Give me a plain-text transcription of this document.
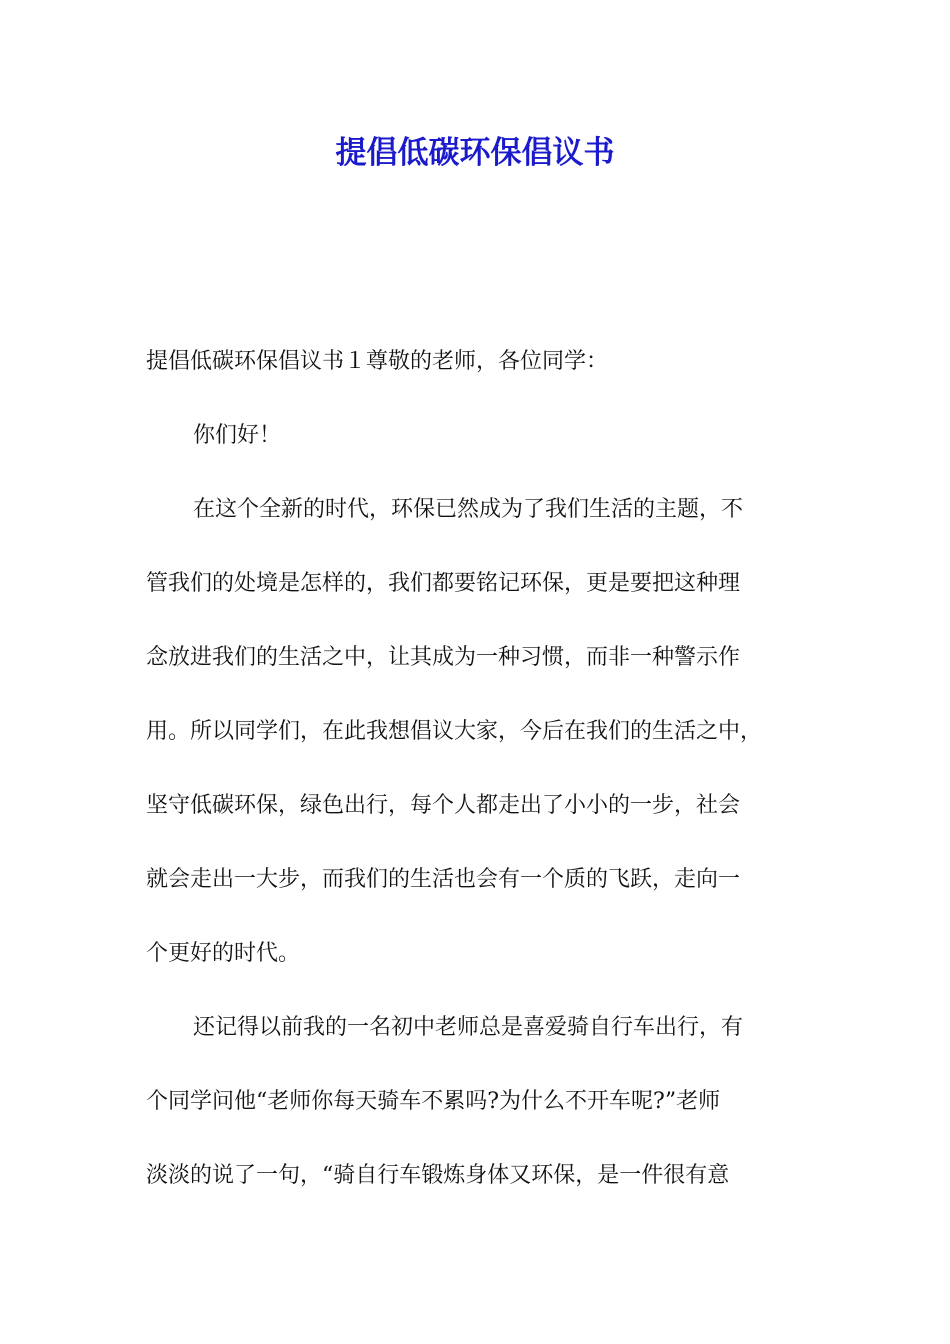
提倡低碳环保倡议书
提倡低碳环保倡议书１尊敬的老师，各位同学：
你们好！
在这个全新的时代，环保已然成为了我们生活的主题，不
管我们的处境是怎样的，我们都要铭记环保，更是要把这种理
念放进我们的生活之中，让其成为一种习惯，而非一种警示作
用。所以同学们，在此我想倡议大家，今后在我们的生活之中，
坚守低碳环保，绿色出行，每个人都走出了小小的一步，社会
就会走出一大步，而我们的生活也会有一个质的飞跃，走向一
个更好的时代。
还记得以前我的一名初中老师总是喜爱骑自行车出行，有
个同学问他“老师你每天骑车不累吗?为什么不开车呢?”老师
淡淡的说了一句，“骑自行车锻炼身体又环保，是一件很有意
